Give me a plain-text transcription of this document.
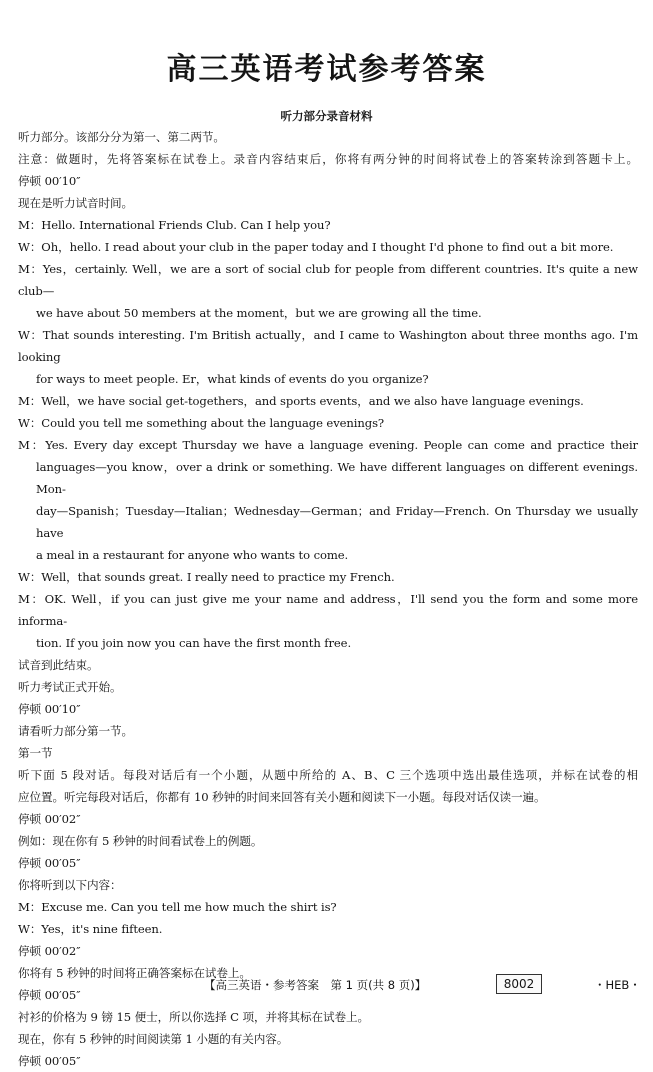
高三英语考试参考答案
听力部分录音材料

听力部分。该部分分为第一、第二两节。

注意：做题时，先将答案标在试卷上。录音内容结束后，你将有两分钟的时间将试卷上的答案转涂到答题卡上。

停顿 00′10″

现在是听力试音时间。

M：Hello. International Friends Club. Can I help you?

W：Oh，hello. I read about your club in the paper today and I thought I'd phone to find out a bit more.

M：Yes，certainly. Well，we are a sort of social club for people from different countries. It's quite a new club—

we have about 50 members at the moment，but we are growing all the time.

W：That sounds interesting. I'm British actually，and I came to Washington about three months ago. I'm looking

for ways to meet people. Er，what kinds of events do you organize?

M：Well，we have social get-togethers，and sports events，and we also have language evenings.

W：Could you tell me something about the language evenings?

M：Yes. Every day except Thursday we have a language evening. People can come and practice their

languages—you know，over a drink or something. We have different languages on different evenings. Mon-

day—Spanish；Tuesday—Italian；Wednesday—German；and Friday—French. On Thursday we usually have

a meal in a restaurant for anyone who wants to come.

W：Well，that sounds great. I really need to practice my French.

M：OK. Well，if you can just give me your name and address，I'll send you the form and some more informa-

tion. If you join now you can have the first month free.

试音到此结束。

听力考试正式开始。

停顿 00′10″

请看听力部分第一节。

第一节

听下面 5 段对话。每段对话后有一个小题，从题中所给的 A、B、C 三个选项中选出最佳选项，并标在试卷的相

应位置。听完每段对话后，你都有 10 秒钟的时间来回答有关小题和阅读下一小题。每段对话仅读一遍。

停顿 00′02″

例如：现在你有 5 秒钟的时间看试卷上的例题。

停顿 00′05″

你将听到以下内容：

M：Excuse me. Can you tell me how much the shirt is?

W：Yes，it's nine fifteen.

停顿 00′02″

你将有 5 秒钟的时间将正确答案标在试卷上。

停顿 00′05″

衬衫的价格为 9 镑 15 便士，所以你选择 C 项，并将其标在试卷上。

现在，你有 5 秒钟的时间阅读第 1 小题的有关内容。

停顿 00′05″

【高三英语・参考答案　第 1 页(共 8 页)】	8002	・HEB・
